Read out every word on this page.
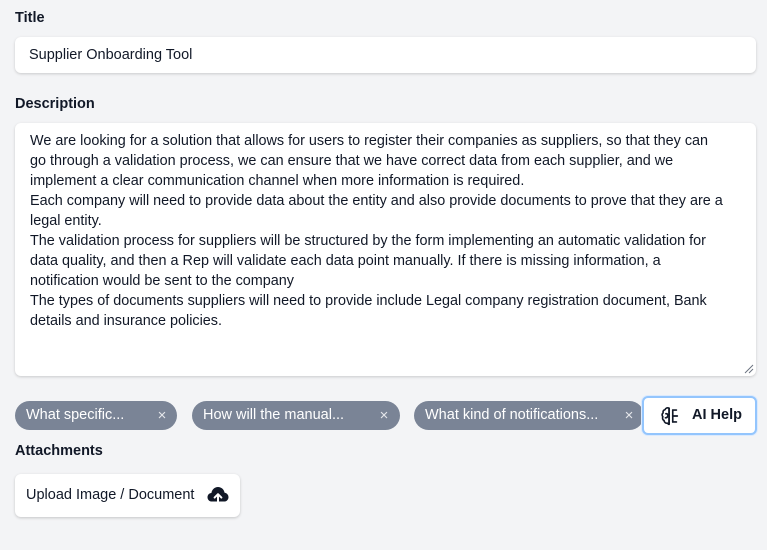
Title
Supplier Onboarding Tool
Description
We are looking for a solution that allows for users to register their companies as suppliers, so that they can
go through a validation process, we can ensure that we have correct data from each supplier, and we
implement a clear communication channel when more information is required.
Each company will need to provide data about the entity and also provide documents to prove that they are a
legal entity.
The validation process for suppliers will be structured by the form implementing an automatic validation for
data quality, and then a Rep will validate each data point manually. If there is missing information, a
notification would be sent to the company
The types of documents suppliers will need to provide include Legal company registration document, Bank
details and insurance policies.
What specific... ×	How will the manual... ×	What kind of notifications... ×	AI Help
Attachments
Upload Image / Document
